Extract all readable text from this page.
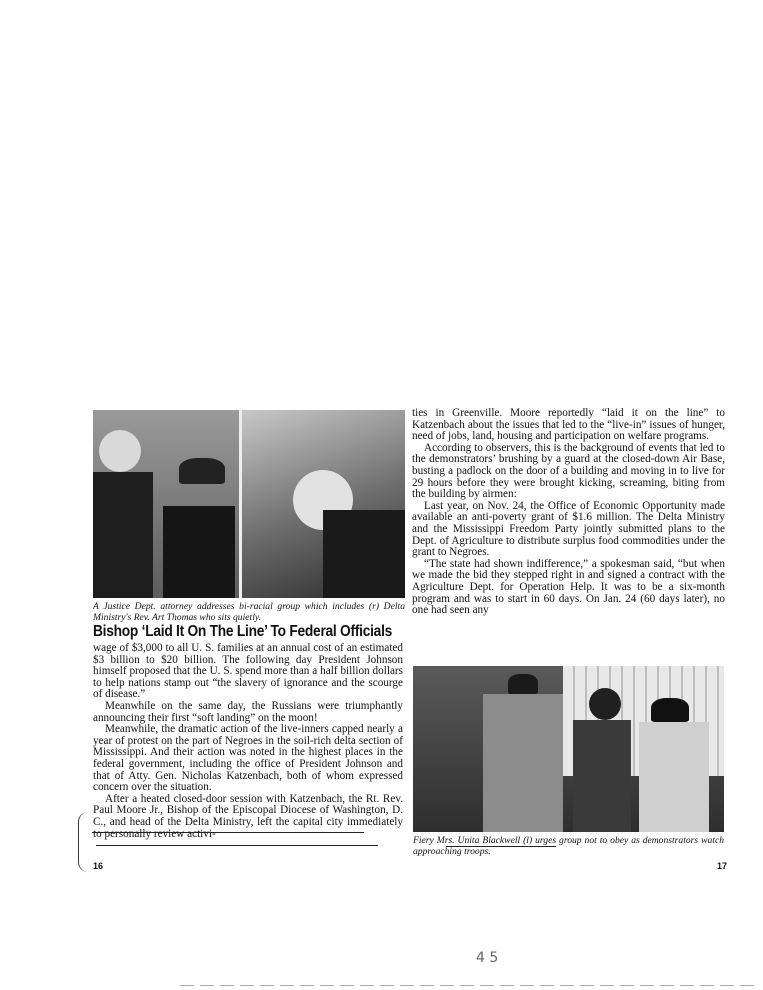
A Justice Dept. attorney addresses bi-racial group which includes (r) Delta Ministry's Rev. Art Thomas who sits quietly.

Bishop ‘Laid It On The Line’ To Federal Officials

wage of $3,000 to all U. S. families at an annual cost of an estimated $3 billion to $20 billion. The following day President Johnson himself proposed that the U. S. spend more than a half billion dollars to help nations stamp out “the slavery of ignorance and the scourge of disease.”

Meanwhile on the same day, the Russians were triumphantly announcing their first “soft landing” on the moon!

Meanwhile, the dramatic action of the live-inners capped nearly a year of protest on the part of Negroes in the soil-rich delta section of Mississippi. And their action was noted in the highest places in the federal government, including the office of President Johnson and that of Atty. Gen. Nicholas Katzenbach, both of whom expressed concern over the situation.

After a heated closed-door session with Katzenbach, the Rt. Rev. Paul Moore Jr., Bishop of the Episcopal Diocese of Washington, D. C., and head of the Delta Ministry, left the capital city immediately to personally review activi-

16

ties in Greenville. Moore reportedly “laid it on the line” to Katzenbach about the issues that led to the “live-in” issues of hunger, need of jobs, land, housing and participation on welfare programs.

According to observers, this is the background of events that led to the demonstrators’ brushing by a guard at the closed-down Air Base, busting a padlock on the door of a building and moving in to live for 29 hours before they were brought kicking, screaming, biting from the building by airmen:

Last year, on Nov. 24, the Office of Economic Opportunity made available an anti-poverty grant of $1.6 million. The Delta Ministry and the Mississippi Freedom Party jointly submitted plans to the Dept. of Agriculture to distribute surplus food commodities under the grant to Negroes.

“The state had shown indifference,” a spokesman said, “but when we made the bid they stepped right in and signed a contract with the Agriculture Dept. for Operation Help. It was to be a six-month program and was to start in 60 days. On Jan. 24 (60 days later), no one had seen any

Fiery Mrs. Unita Blackwell (l) urges group not to obey as demonstrators watch approaching troops.

17
4 5
